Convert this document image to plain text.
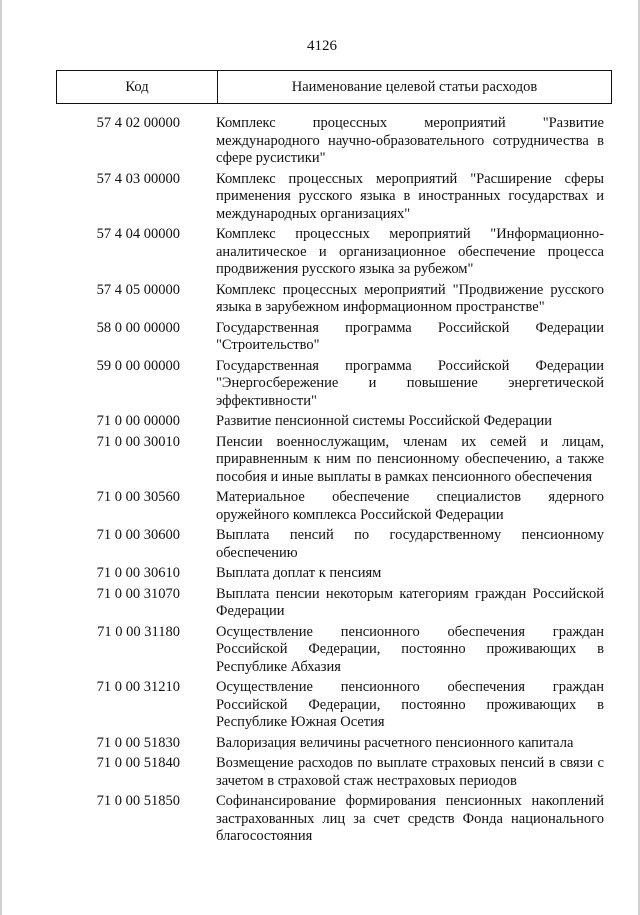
4126
Код	Наименование целевой статьи расходов
57 4 02 00000 Комплекс процессных мероприятий "Развитие международного научно-образовательного сотрудничества в сфере русистики"
57 4 03 00000 Комплекс процессных мероприятий "Расширение сферы применения русского языка в иностранных государствах и международных организациях"
57 4 04 00000 Комплекс процессных мероприятий "Информационно-аналитическое и организационное обеспечение процесса продвижения русского языка за рубежом"
57 4 05 00000 Комплекс процессных мероприятий "Продвижение русского языка в зарубежном информационном пространстве"
58 0 00 00000 Государственная программа Российской Федерации "Строительство"
59 0 00 00000 Государственная программа Российской Федерации "Энергосбережение и повышение энергетической эффективности"
71 0 00 00000 Развитие пенсионной системы Российской Федерации
71 0 00 30010 Пенсии военнослужащим, членам их семей и лицам, приравненным к ним по пенсионному обеспечению, а также пособия и иные выплаты в рамках пенсионного обеспечения
71 0 00 30560 Материальное обеспечение специалистов ядерного оружейного комплекса Российской Федерации
71 0 00 30600 Выплата пенсий по государственному пенсионному обеспечению
71 0 00 30610 Выплата доплат к пенсиям
71 0 00 31070 Выплата пенсии некоторым категориям граждан Российской Федерации
71 0 00 31180 Осуществление пенсионного обеспечения граждан Российской Федерации, постоянно проживающих в Республике Абхазия
71 0 00 31210 Осуществление пенсионного обеспечения граждан Российской Федерации, постоянно проживающих в Республике Южная Осетия
71 0 00 51830 Валоризация величины расчетного пенсионного капитала
71 0 00 51840 Возмещение расходов по выплате страховых пенсий в связи с зачетом в страховой стаж нестраховых периодов
71 0 00 51850 Софинансирование формирования пенсионных накоплений застрахованных лиц за счет средств Фонда национального благосостояния
